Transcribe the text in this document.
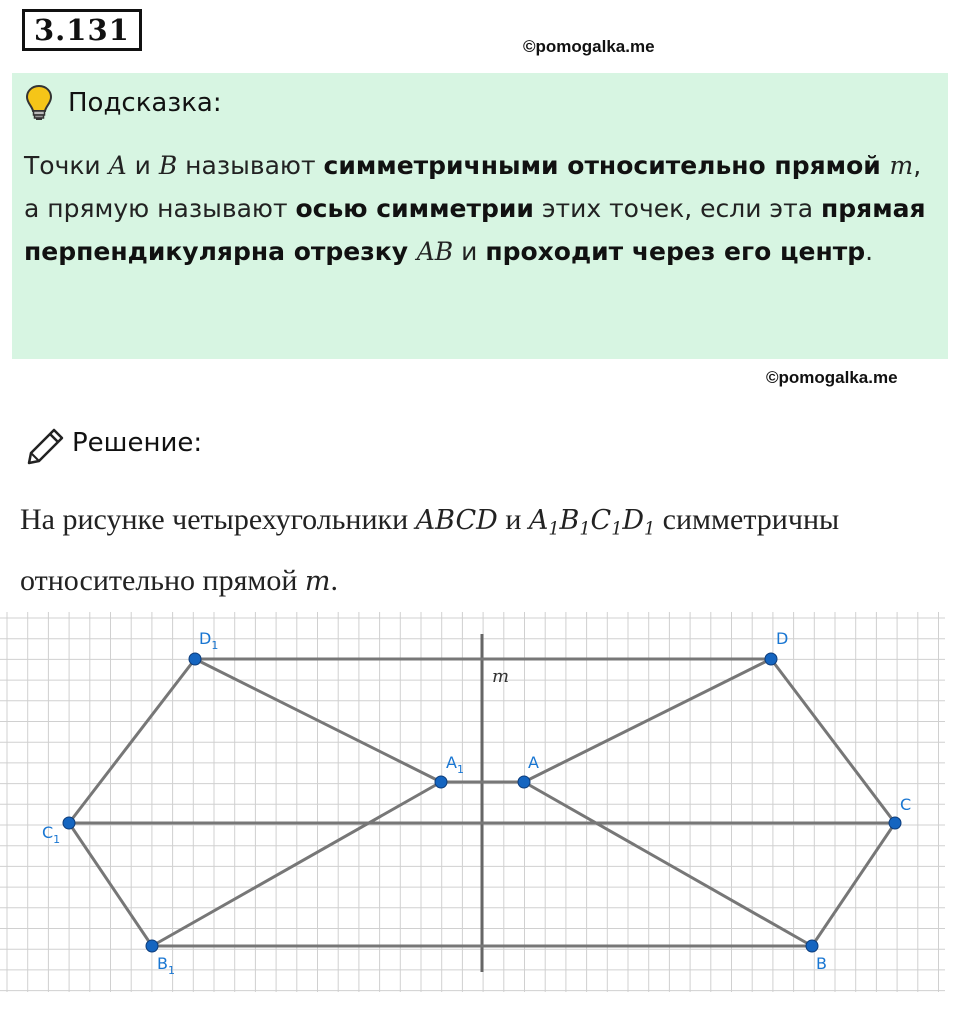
3.131	©pomogalka.me
Подсказка:
Точки A и B называют симметричными относительно прямой m, а прямую называют осью симметрии этих точек, если эта прямая перпендикулярна отрезку AB и проходит через его центр.
©pomogalka.me
Решение:
На рисунке четырехугольники ABCD и $A_1B_1C_1D_1$ симметричны относительно прямой m.
m
$D_1$
$A_1$
$C_1$
$B_1$
D
A
C
B
